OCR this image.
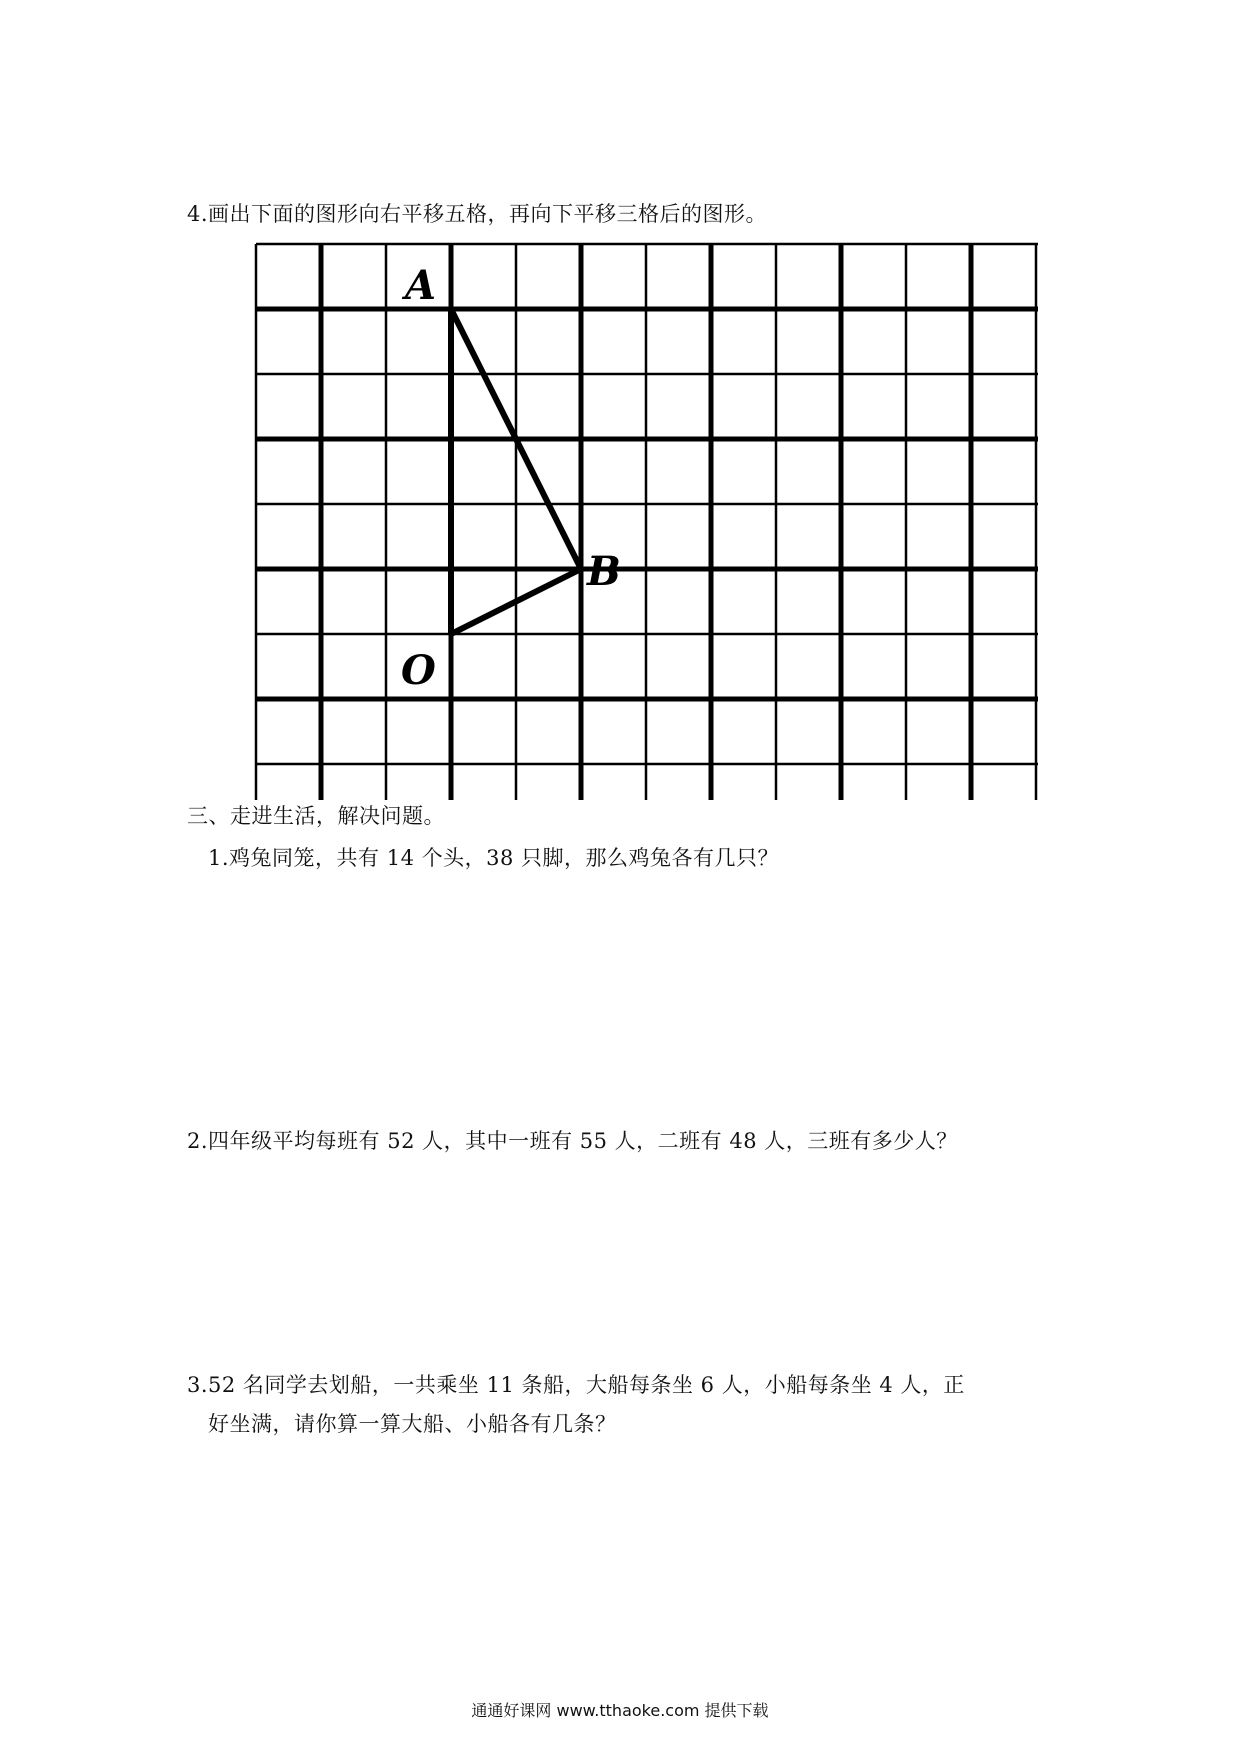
4.画出下面的图形向右平移五格，再向下平移三格后的图形。

A
B
O

三、走进生活，解决问题。

1.鸡兔同笼，共有 14 个头，38 只脚，那么鸡兔各有几只？

2.四年级平均每班有 52 人，其中一班有 55 人，二班有 48 人，三班有多少人？

3.52 名同学去划船，一共乘坐 11 条船，大船每条坐 6 人，小船每条坐 4 人，正

好坐满，请你算一算大船、小船各有几条？

通通好课网 www.tthaoke.com 提供下载
